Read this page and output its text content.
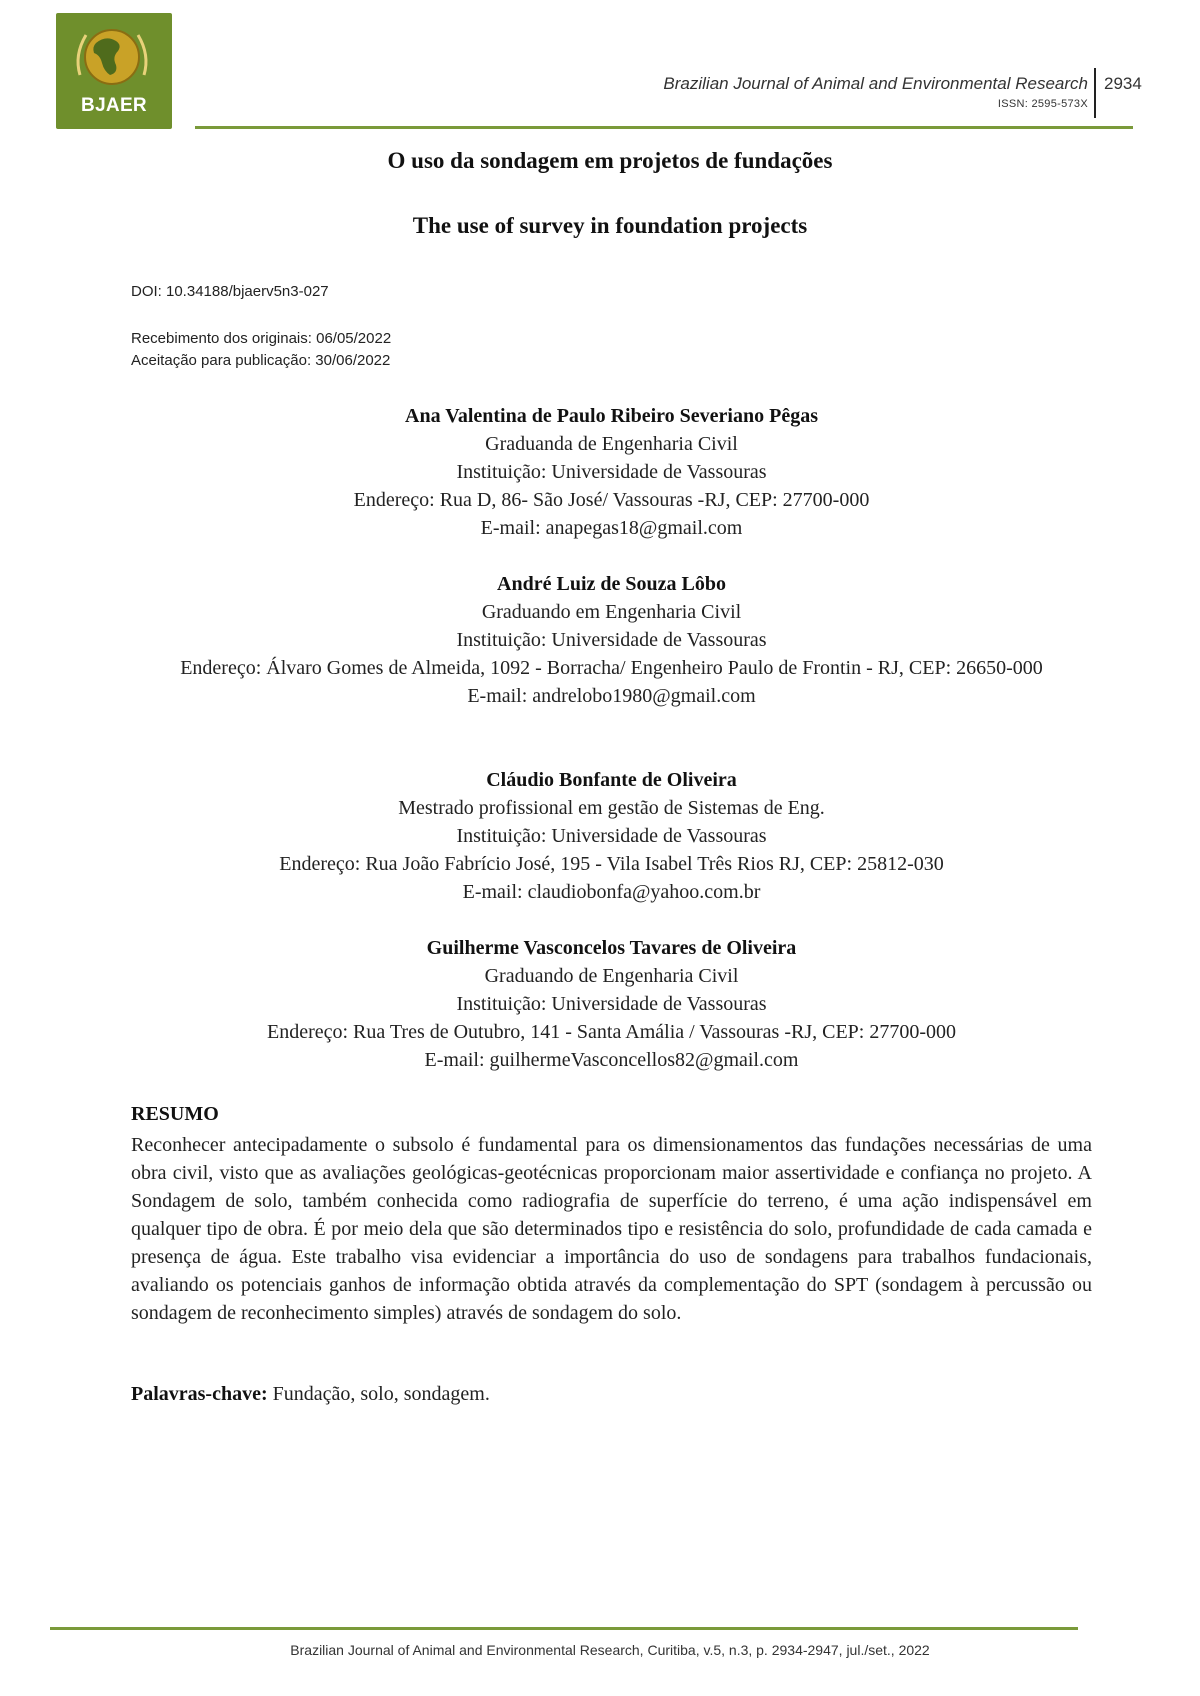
BJAER
Brazilian Journal of Animal and Environmental Research
ISSN: 2595-573X
2934
O uso da sondagem em projetos de fundações
The use of survey in foundation projects
DOI: 10.34188/bjaerv5n3-027
Recebimento dos originais: 06/05/2022
Aceitação para publicação: 30/06/2022
Ana Valentina de Paulo Ribeiro Severiano Pêgas
Graduanda de Engenharia Civil
Instituição: Universidade de Vassouras
Endereço: Rua D, 86- São José/ Vassouras -RJ, CEP: 27700-000
E-mail: anapegas18@gmail.com
André Luiz de Souza Lôbo
Graduando em Engenharia Civil
Instituição: Universidade de Vassouras
Endereço: Álvaro Gomes de Almeida, 1092 - Borracha/ Engenheiro Paulo de Frontin - RJ, CEP: 26650-000
E-mail: andrelobo1980@gmail.com
Cláudio Bonfante de Oliveira
Mestrado profissional em gestão de Sistemas de Eng.
Instituição: Universidade de Vassouras
Endereço: Rua João Fabrício José, 195 - Vila Isabel Três Rios RJ, CEP: 25812-030
E-mail: claudiobonfa@yahoo.com.br
Guilherme Vasconcelos Tavares de Oliveira
Graduando de Engenharia Civil
Instituição: Universidade de Vassouras
Endereço: Rua Tres de Outubro, 141 - Santa Amália / Vassouras -RJ, CEP: 27700-000
E-mail: guilhermeVasconcellos82@gmail.com
RESUMO

Reconhecer antecipadamente o subsolo é fundamental para os dimensionamentos das fundações necessárias de uma obra civil, visto que as avaliações geológicas-geotécnicas proporcionam maior assertividade e confiança no projeto. A Sondagem de solo, também conhecida como radiografia de superfície do terreno, é uma ação indispensável em qualquer tipo de obra. É por meio dela que são determinados tipo e resistência do solo, profundidade de cada camada e presença de água. Este trabalho visa evidenciar a importância do uso de sondagens para trabalhos fundacionais, avaliando os potenciais ganhos de informação obtida através da complementação do SPT (sondagem à percussão ou sondagem de reconhecimento simples) através de sondagem do solo.

Palavras-chave: Fundação, solo, sondagem.
Brazilian Journal of Animal and Environmental Research, Curitiba, v.5, n.3, p. 2934-2947, jul./set., 2022
